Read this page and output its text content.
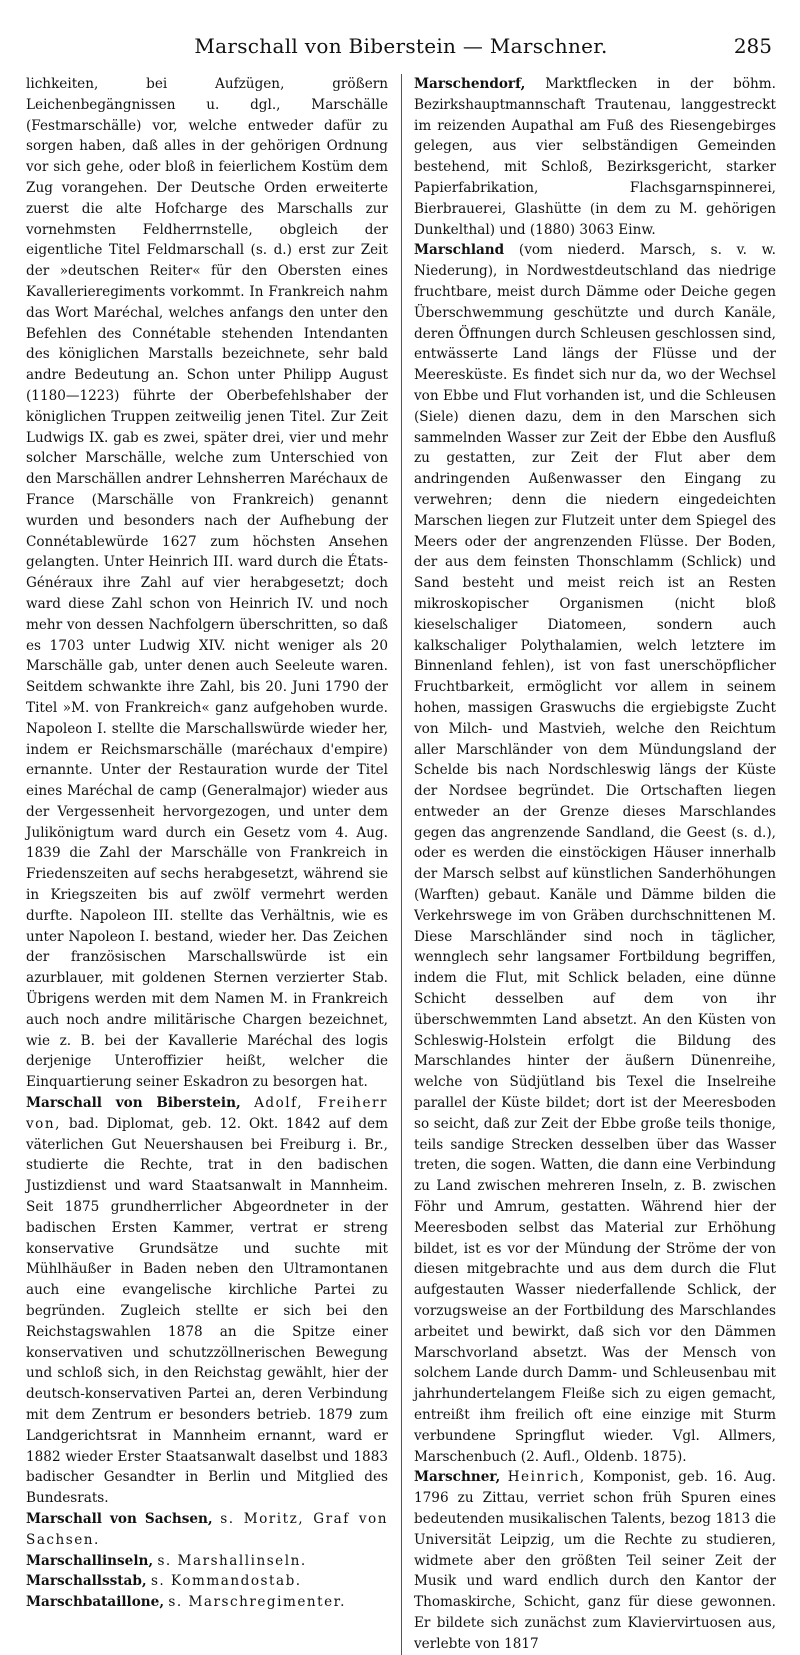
Marschall von Biberstein — Marschner.	285

lichkeiten, bei Aufzügen, größern Leichenbegängnissen u. dgl., Marschälle (Festmarschälle) vor, welche entweder dafür zu sorgen haben, daß alles in der gehörigen Ordnung vor sich gehe, oder bloß in feierlichem Kostüm dem Zug vorangehen. Der Deutsche Orden erweiterte zuerst die alte Hofcharge des Marschalls zur vornehmsten Feldherrnstelle, obgleich der eigentliche Titel Feldmarschall (s. d.) erst zur Zeit der »deutschen Reiter« für den Obersten eines Kavallerieregiments vorkommt. In Frankreich nahm das Wort Maréchal, welches anfangs den unter den Befehlen des Connétable stehenden Intendanten des königlichen Marstalls bezeichnete, sehr bald andre Bedeutung an. Schon unter Philipp August (1180—1223) führte der Oberbefehlshaber der königlichen Truppen zeitweilig jenen Titel. Zur Zeit Ludwigs IX. gab es zwei, später drei, vier und mehr solcher Marschälle, welche zum Unterschied von den Marschällen andrer Lehnsherren Maréchaux de France (Marschälle von Frankreich) genannt wurden und besonders nach der Aufhebung der Connétablewürde 1627 zum höchsten Ansehen gelangten. Unter Heinrich III. ward durch die États-Généraux ihre Zahl auf vier herabgesetzt; doch ward diese Zahl schon von Heinrich IV. und noch mehr von dessen Nachfolgern überschritten, so daß es 1703 unter Ludwig XIV. nicht weniger als 20 Marschälle gab, unter denen auch Seeleute waren. Seitdem schwankte ihre Zahl, bis 20. Juni 1790 der Titel »M. von Frankreich« ganz aufgehoben wurde. Napoleon I. stellte die Marschallswürde wieder her, indem er Reichsmarschälle (maréchaux d'empire) ernannte. Unter der Restauration wurde der Titel eines Maréchal de camp (Generalmajor) wieder aus der Vergessenheit hervorgezogen, und unter dem Julikönigtum ward durch ein Gesetz vom 4. Aug. 1839 die Zahl der Marschälle von Frankreich in Friedenszeiten auf sechs herabgesetzt, während sie in Kriegszeiten bis auf zwölf vermehrt werden durfte. Napoleon III. stellte das Verhältnis, wie es unter Napoleon I. bestand, wieder her. Das Zeichen der französischen Marschallswürde ist ein azurblauer, mit goldenen Sternen verzierter Stab. Übrigens werden mit dem Namen M. in Frankreich auch noch andre militärische Chargen bezeichnet, wie z. B. bei der Kavallerie Maréchal des logis derjenige Unteroffizier heißt, welcher die Einquartierung seiner Eskadron zu besorgen hat.

Marschall von Biberstein, Adolf, Freiherr von, bad. Diplomat, geb. 12. Okt. 1842 auf dem väterlichen Gut Neuershausen bei Freiburg i. Br., studierte die Rechte, trat in den badischen Justizdienst und ward Staatsanwalt in Mannheim. Seit 1875 grundherrlicher Abgeordneter in der badischen Ersten Kammer, vertrat er streng konservative Grundsätze und suchte mit Mühlhäußer in Baden neben den Ultramontanen auch eine evangelische kirchliche Partei zu begründen. Zugleich stellte er sich bei den Reichstagswahlen 1878 an die Spitze einer konservativen und schutzzöllnerischen Bewegung und schloß sich, in den Reichstag gewählt, hier der deutsch-konservativen Partei an, deren Verbindung mit dem Zentrum er besonders betrieb. 1879 zum Landgerichtsrat in Mannheim ernannt, ward er 1882 wieder Erster Staatsanwalt daselbst und 1883 badischer Gesandter in Berlin und Mitglied des Bundesrats.

Marschall von Sachsen, s. Moritz, Graf von Sachsen.

Marschallinseln, s. Marshallinseln.

Marschallsstab, s. Kommandostab.

Marschbataillone, s. Marschregimenter.

Marschendorf, Marktflecken in der böhm. Bezirkshauptmannschaft Trautenau, langgestreckt im reizenden Aupathal am Fuß des Riesengebirges gelegen, aus vier selbständigen Gemeinden bestehend, mit Schloß, Bezirksgericht, starker Papierfabrikation, Flachsgarnspinnerei, Bierbrauerei, Glashütte (in dem zu M. gehörigen Dunkelthal) und (1880) 3063 Einw.

Marschland (vom niederd. Marsch, s. v. w. Niederung), in Nordwestdeutschland das niedrige fruchtbare, meist durch Dämme oder Deiche gegen Überschwemmung geschützte und durch Kanäle, deren Öffnungen durch Schleusen geschlossen sind, entwässerte Land längs der Flüsse und der Meeresküste. Es findet sich nur da, wo der Wechsel von Ebbe und Flut vorhanden ist, und die Schleusen (Siele) dienen dazu, dem in den Marschen sich sammelnden Wasser zur Zeit der Ebbe den Ausfluß zu gestatten, zur Zeit der Flut aber dem andringenden Außenwasser den Eingang zu verwehren; denn die niedern eingedeichten Marschen liegen zur Flutzeit unter dem Spiegel des Meers oder der angrenzenden Flüsse. Der Boden, der aus dem feinsten Thonschlamm (Schlick) und Sand besteht und meist reich ist an Resten mikroskopischer Organismen (nicht bloß kieselschaliger Diatomeen, sondern auch kalkschaliger Polythalamien, welch letztere im Binnenland fehlen), ist von fast unerschöpflicher Fruchtbarkeit, ermöglicht vor allem in seinem hohen, massigen Graswuchs die ergiebigste Zucht von Milch- und Mastvieh, welche den Reichtum aller Marschländer von dem Mündungsland der Schelde bis nach Nordschleswig längs der Küste der Nordsee begründet. Die Ortschaften liegen entweder an der Grenze dieses Marschlandes gegen das angrenzende Sandland, die Geest (s. d.), oder es werden die einstöckigen Häuser innerhalb der Marsch selbst auf künstlichen Sanderhöhungen (Warften) gebaut. Kanäle und Dämme bilden die Verkehrswege im von Gräben durchschnittenen M. Diese Marschländer sind noch in täglicher, wennglech sehr langsamer Fortbildung begriffen, indem die Flut, mit Schlick beladen, eine dünne Schicht desselben auf dem von ihr überschwemmten Land absetzt. An den Küsten von Schleswig-Holstein erfolgt die Bildung des Marschlandes hinter der äußern Dünenreihe, welche von Südjütland bis Texel die Inselreihe parallel der Küste bildet; dort ist der Meeresboden so seicht, daß zur Zeit der Ebbe große teils thonige, teils sandige Strecken desselben über das Wasser treten, die sogen. Watten, die dann eine Verbindung zu Land zwischen mehreren Inseln, z. B. zwischen Föhr und Amrum, gestatten. Während hier der Meeresboden selbst das Material zur Erhöhung bildet, ist es vor der Mündung der Ströme der von diesen mitgebrachte und aus dem durch die Flut aufgestauten Wasser niederfallende Schlick, der vorzugsweise an der Fortbildung des Marschlandes arbeitet und bewirkt, daß sich vor den Dämmen Marschvorland absetzt. Was der Mensch von solchem Lande durch Damm- und Schleusenbau mit jahrhundertelangem Fleiße sich zu eigen gemacht, entreißt ihm freilich oft eine einzige mit Sturm verbundene Springflut wieder. Vgl. Allmers, Marschenbuch (2. Aufl., Oldenb. 1875).

Marschner, Heinrich, Komponist, geb. 16. Aug. 1796 zu Zittau, verriet schon früh Spuren eines bedeutenden musikalischen Talents, bezog 1813 die Universität Leipzig, um die Rechte zu studieren, widmete aber den größten Teil seiner Zeit der Musik und ward endlich durch den Kantor der Thomaskirche, Schicht, ganz für diese gewonnen. Er bildete sich zunächst zum Klaviervirtuosen aus, verlebte von 1817
